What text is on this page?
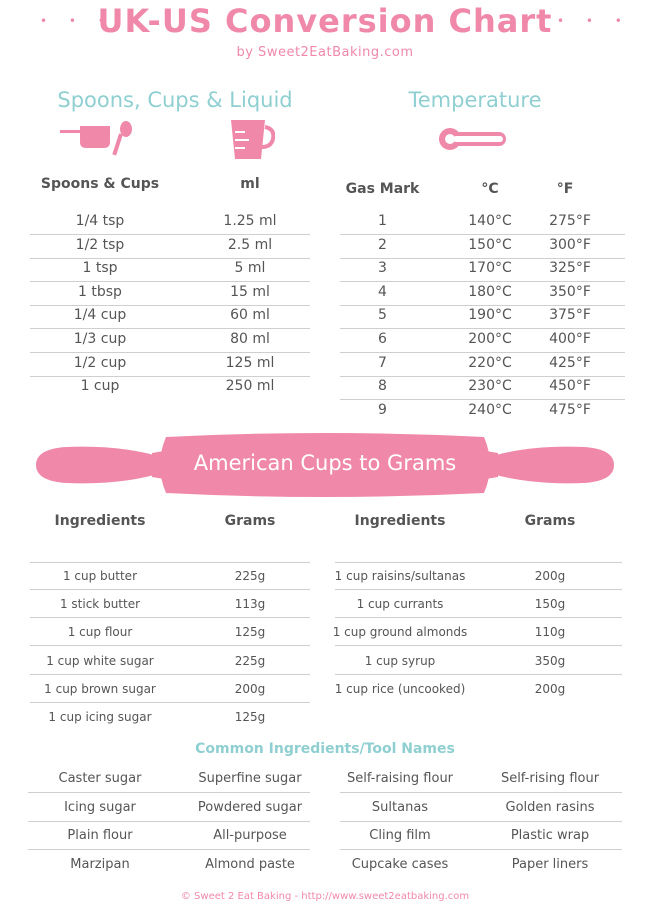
• • •
UK-US Conversion Chart • • •
by Sweet2EatBaking.com
Spoons, Cups & Liquid
Spoons & Cups	ml
1/4 tsp	1.25 ml
1/2 tsp	2.5 ml
1 tsp	5 ml
1 tbsp	15 ml
1/4 cup	60 ml
1/3 cup	80 ml
1/2 cup	125 ml
1 cup	250 ml
Temperature
Gas Mark	°C	°F
1	140°C	275°F
2	150°C	300°F
3	170°C	325°F
4	180°C	350°F
5	190°C	375°F
6	200°C	400°F
7	220°C	425°F
8	230°C	450°F
9	240°C	475°F
American Cups to Grams
Ingredients	Grams	Ingredients	Grams
1 cup butter	225g
1 stick butter	113g
1 cup flour	125g
1 cup white sugar	225g
1 cup brown sugar	200g
1 cup icing sugar	125g
1 cup raisins/sultanas	200g
1 cup currants	150g
1 cup ground almonds	110g
1 cup syrup	350g
1 cup rice (uncooked)	200g
Common Ingredients/Tool Names
Caster sugar	Superfine sugar	Self-raising flour	Self-rising flour
Icing sugar	Powdered sugar	Sultanas	Golden rasins
Plain flour	All-purpose	Cling film	Plastic wrap
Marzipan	Almond paste	Cupcake cases	Paper liners
© Sweet 2 Eat Baking - http://www.sweet2eatbaking.com
